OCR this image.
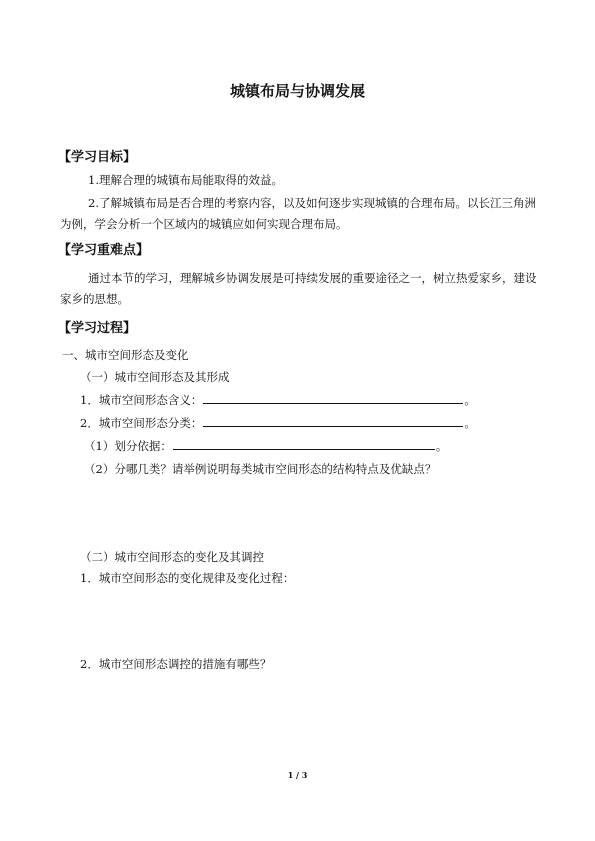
城镇布局与协调发展
【学习目标】
1.理解合理的城镇布局能取得的效益。
2.了解城镇布局是否合理的考察内容，以及如何逐步实现城镇的合理布局。以长江三角洲为例，学会分析一个区域内的城镇应如何实现合理布局。
【学习重难点】
通过本节的学习，理解城乡协调发展是可持续发展的重要途径之一，树立热爱家乡，建设家乡的思想。
【学习过程】
一、城市空间形态及变化
（一）城市空间形态及其形成
1．城市空间形态含义：	。
2．城市空间形态分类：	。
（1）划分依据：	。
（2）分哪几类？请举例说明每类城市空间形态的结构特点及优缺点？
（二）城市空间形态的变化及其调控
1．城市空间形态的变化规律及变化过程：
2．城市空间形态调控的措施有哪些？
1 / 3
